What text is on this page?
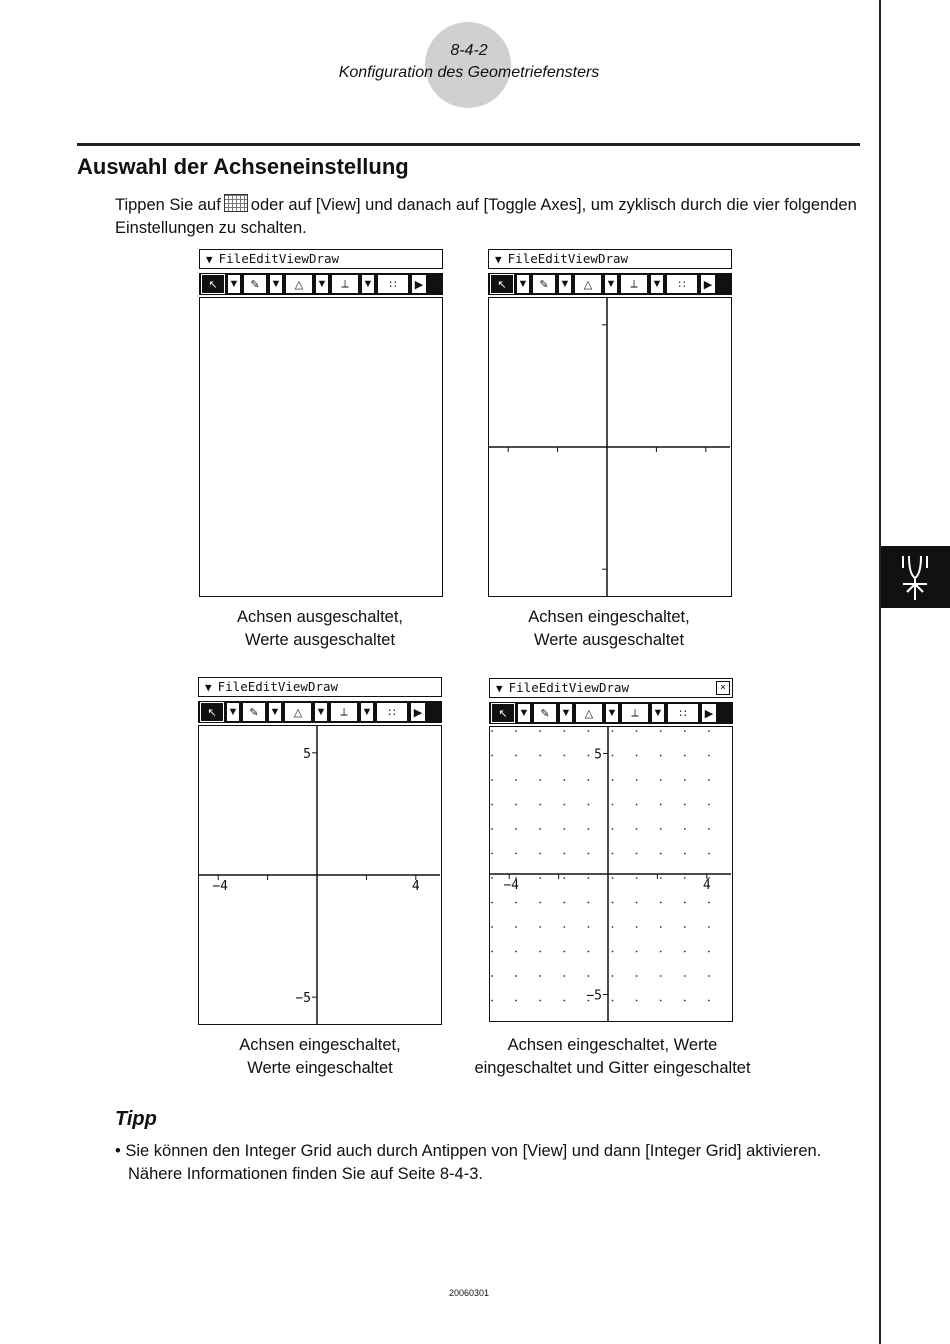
8-4-2
Konfiguration des Geometriefensters
Auswahl der Achseneinstellung
Tippen Sie auf oder auf [View] und danach auf [Toggle Axes], um zyklisch durch die vier folgenden Einstellungen zu schalten.
▼ FileEditViewDraw
↖ ▼ ✎ ▼	△	▼	⟂	▼	∷	▶
Achsen ausgeschaltet,
Werte ausgeschaltet
▼ FileEditViewDraw
↖ ▼ ✎ ▼	△	▼	⟂	▼	∷	▶
Achsen eingeschaltet,
Werte ausgeschaltet
▼ FileEditViewDraw
↖ ▼ ✎ ▼	△	▼	⟂	▼	∷	▶
5
−5
−4	4
Achsen eingeschaltet,
Werte eingeschaltet
▼ FileEditViewDraw	×
↖ ▼ ✎ ▼	△	▼	⟂	▼	∷	▶
5
−5
−4	4
Achsen eingeschaltet, Werte
eingeschaltet und Gitter eingeschaltet
Tipp
• Sie können den Integer Grid auch durch Antippen von [View] und dann [Integer Grid] aktivieren.
Nähere Informationen finden Sie auf Seite 8-4-3.
20060301
